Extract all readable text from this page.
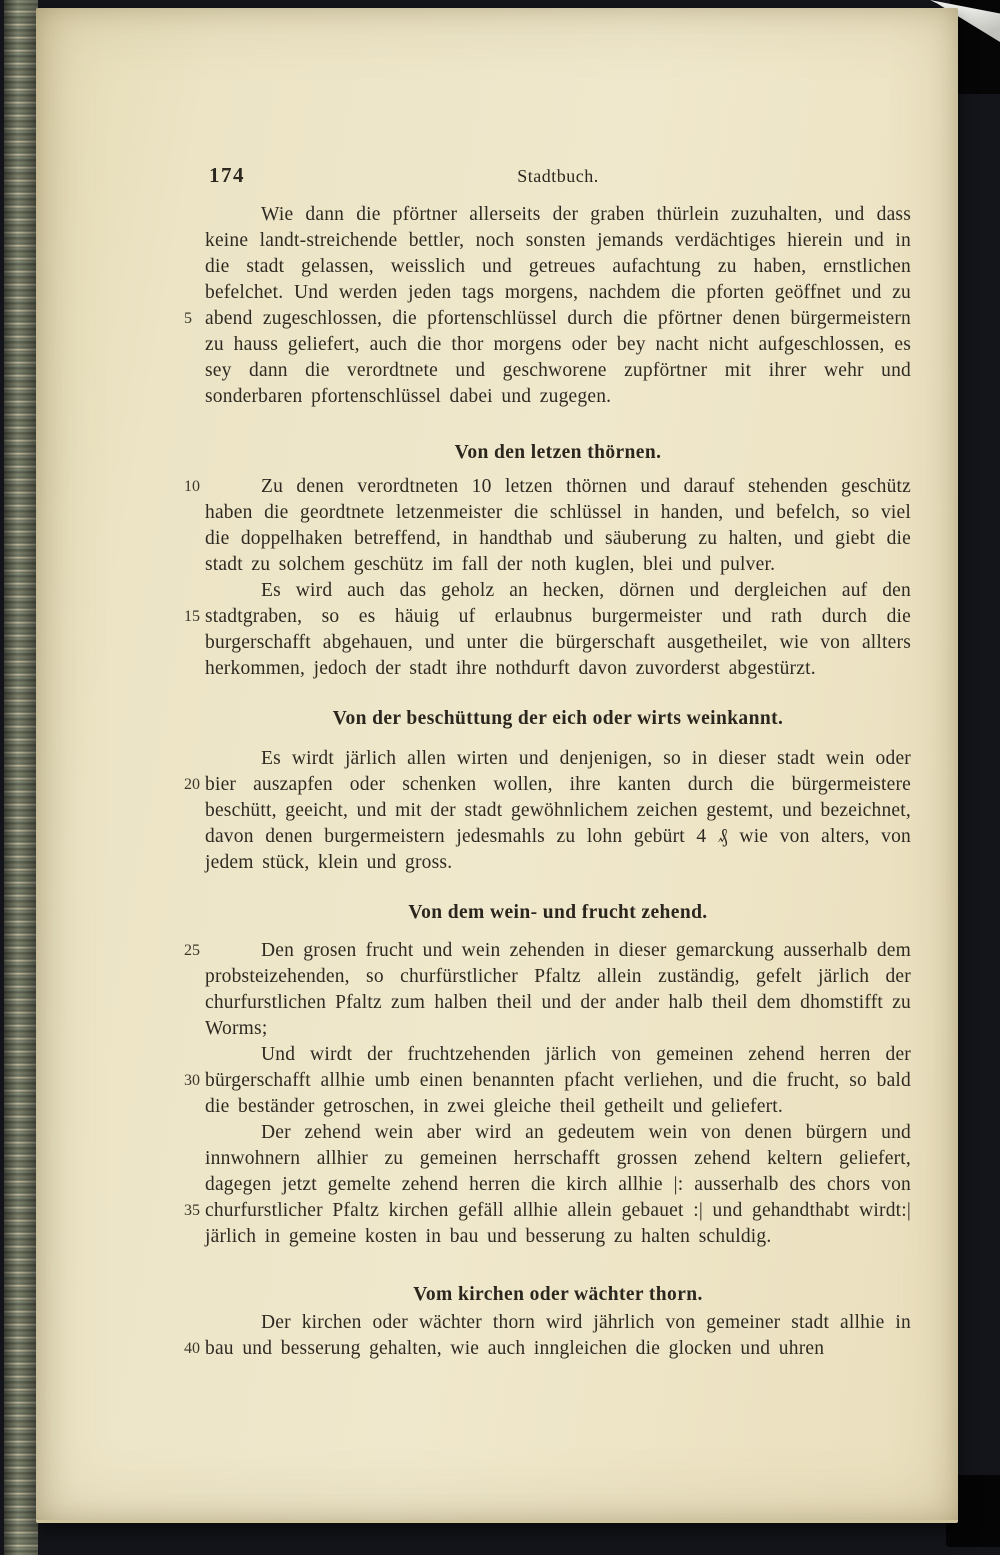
174	Stadtbuch.
5
10
15
20
25
30
35
40

Wie dann die pförtner allerseits der graben thürlein zuzuhalten, und dass keine landt-streichende bettler, noch sonsten jemands verdächtiges hierein und in die stadt gelassen, weisslich und getreues aufachtung zu haben, ernstlichen befelchet. Und werden jeden tags morgens, nachdem die pforten geöffnet und zu abend zugeschlossen, die pfortenschlüssel durch die pförtner denen bürgermeistern zu hauss geliefert, auch die thor morgens oder bey nacht nicht aufgeschlossen, es sey dann die verordtnete und geschworene zupförtner mit ihrer wehr und sonderbaren pfortenschlüssel dabei und zugegen.

Von den letzen thörnen.

Zu denen verordtneten 10 letzen thörnen und darauf stehenden geschütz haben die geordtnete letzenmeister die schlüssel in handen, und befelch, so viel die doppelhaken betreffend, in handthab und säuberung zu halten, und giebt die stadt zu solchem geschütz im fall der noth kuglen, blei und pulver.

Es wird auch das geholz an hecken, dörnen und dergleichen auf den stadtgraben, so es häuig uf erlaubnus burgermeister und rath durch die burgerschafft abgehauen, und unter die bürgerschaft ausgetheilet, wie von allters herkommen, jedoch der stadt ihre nothdurft davon zuvorderst abgestürzt.

Von der beschüttung der eich oder wirts weinkannt.

Es wirdt järlich allen wirten und denjenigen, so in dieser stadt wein oder bier auszapfen oder schenken wollen, ihre kanten durch die bürgermeistere beschütt, geeicht, und mit der stadt gewöhnlichem zeichen gestemt, und bezeichnet, davon denen burgermeistern jedesmahls zu lohn gebürt 4 ₰ wie von alters, von jedem stück, klein und gross.

Von dem wein- und frucht zehend.

Den grosen frucht und wein zehenden in dieser gemarckung ausserhalb dem probsteizehenden, so churfürstlicher Pfaltz allein zuständig, gefelt järlich der churfurstlichen Pfaltz zum halben theil und der ander halb theil dem dhomstifft zu Worms;

Und wirdt der fruchtzehenden järlich von gemeinen zehend herren der bürgerschafft allhie umb einen benannten pfacht verliehen, und die frucht, so bald die beständer getroschen, in zwei gleiche theil getheilt und geliefert.

Der zehend wein aber wird an gedeutem wein von denen bürgern und innwohnern allhier zu gemeinen herrschafft grossen zehend keltern geliefert, dagegen jetzt gemelte zehend herren die kirch allhie |: ausserhalb des chors von churfurstlicher Pfaltz kirchen gefäll allhie allein gebauet :| und gehandthabt wirdt:| järlich in gemeine kosten in bau und besserung zu halten schuldig.

Vom kirchen oder wächter thorn.

Der kirchen oder wächter thorn wird jährlich von gemeiner stadt allhie in bau und besserung gehalten, wie auch inngleichen die glocken und uhren
